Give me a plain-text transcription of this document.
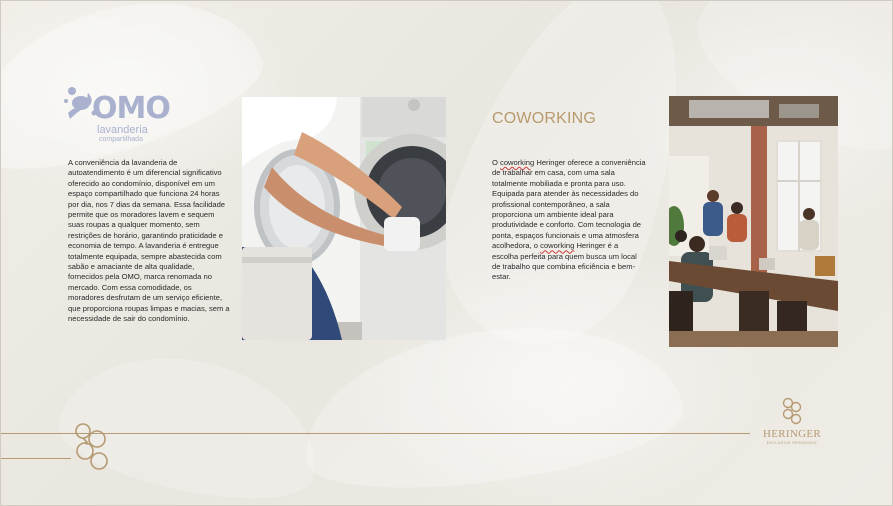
OMO
lavanderia
compartilhada
A conveniência da lavanderia de autoatendimento é um diferencial significativo oferecido ao condomínio, disponível em um espaço compartilhado que funciona 24 horas por dia, nos 7 dias da semana. Essa facilidade permite que os moradores lavem e sequem suas roupas a qualquer momento, sem restrições de horário, garantindo praticidade e economia de tempo. A lavanderia é entregue totalmente equipada, sempre abastecida com sabão e amaciante de alta qualidade, fornecidos pela OMO, marca renomada no mercado. Com essa comodidade, os moradores desfrutam de um serviço eficiente, que proporciona roupas limpas e macias, sem a necessidade de sair do condomínio.
COWORKING
O coworking Heringer oferece a conveniência de trabalhar em casa, com uma sala totalmente mobiliada e pronta para uso. Equipada para atender às necessidades do profissional contemporâneo, a sala proporciona um ambiente ideal para produtividade e conforto. Com tecnologia de ponta, espaços funcionais e uma atmosfera acolhedora, o coworking Heringer é a escolha perfeita para quem busca um local de trabalho que combina eficiência e bem-estar.
HERINGER
EXCLUSIVE RESIDENCE
